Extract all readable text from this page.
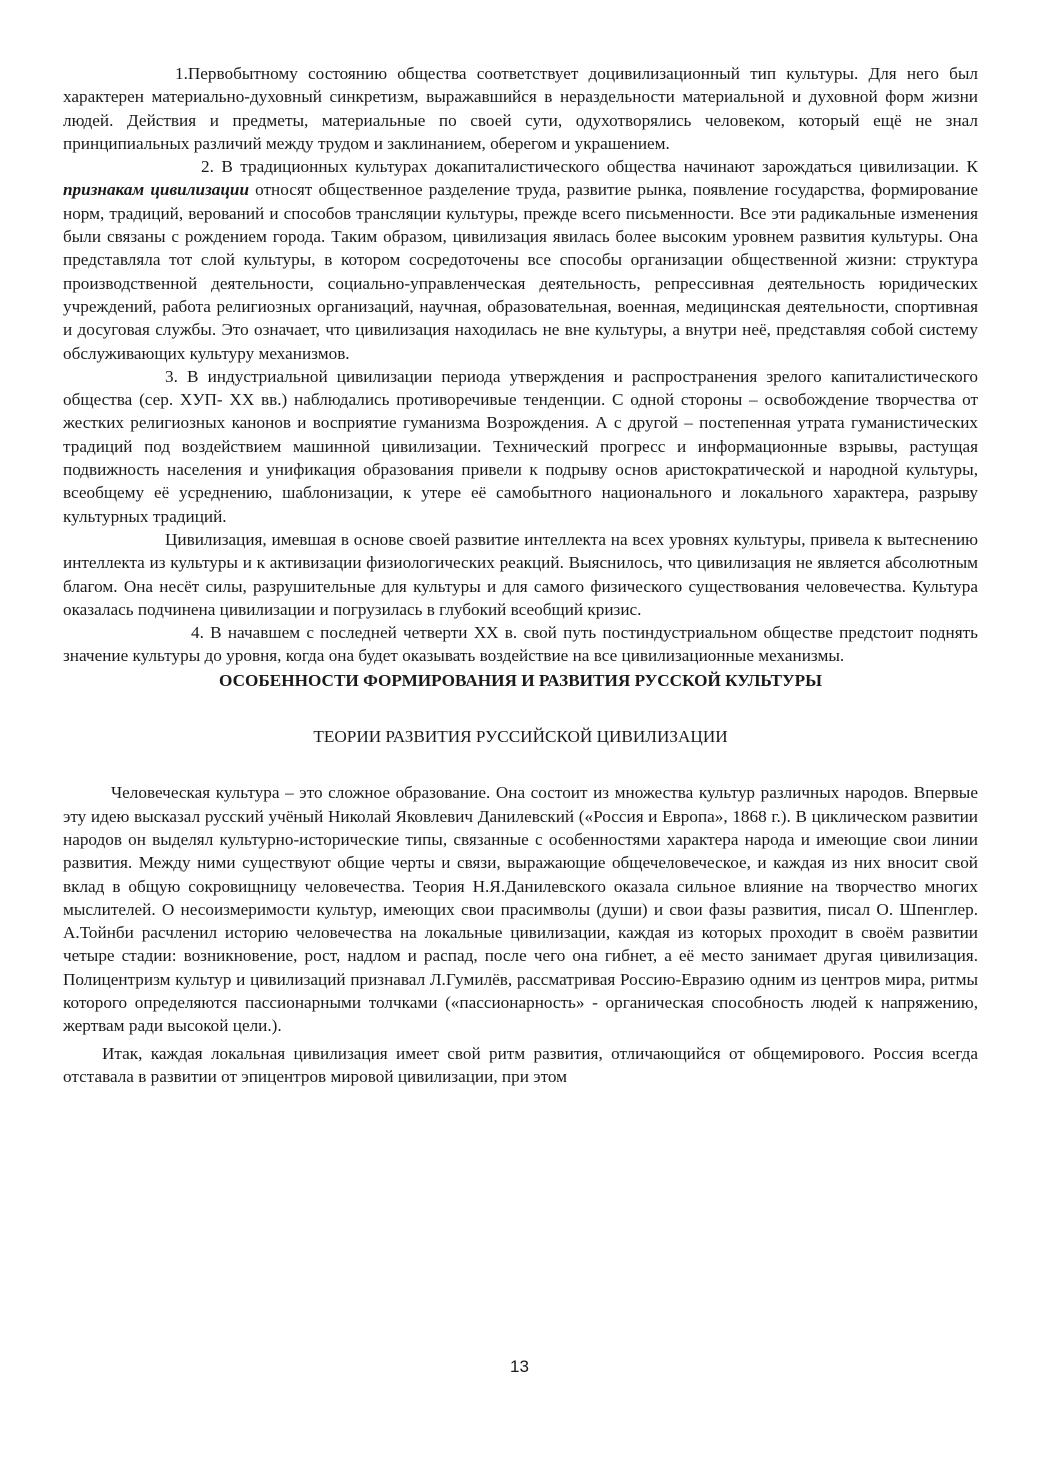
1.Первобытному состоянию общества соответствует доцивилизационный тип культуры. Для него был характерен материально-духовный синкретизм, выражавшийся в нераздельности материальной и духовной форм жизни людей. Действия и предметы, материальные по своей сути, одухотворялись человеком, который ещё не знал принципиальных различий между трудом и заклинанием, оберегом и украшением.

2. В традиционных культурах докапиталистического общества начинают зарождаться цивилизации. К признакам цивилизации относят общественное разделение труда, развитие рынка, появление государства, формирование норм, традиций, верований и способов трансляции культуры, прежде всего письменности. Все эти радикальные изменения были связаны с рождением города. Таким образом, цивилизация явилась более высоким уровнем развития культуры. Она представляла тот слой культуры, в котором сосредоточены все способы организации общественной жизни: структура производственной деятельности, социально-управленческая деятельность, репрессивная деятельность юридических учреждений, работа религиозных организаций, научная, образовательная, военная, медицинская деятельности, спортивная и досуговая службы. Это означает, что цивилизация находилась не вне культуры, а внутри неё, представляя собой систему обслуживающих культуру механизмов.

3. В индустриальной цивилизации периода утверждения и распространения зрелого капиталистического общества (сер. ХУП- ХХ вв.) наблюдались противоречивые тенденции. С одной стороны – освобождение творчества от жестких религиозных канонов и восприятие гуманизма Возрождения. А с другой – постепенная утрата гуманистических традиций под воздействием машинной цивилизации. Технический прогресс и информационные взрывы, растущая подвижность населения и унификация образования привели к подрыву основ аристократической и народной культуры, всеобщему её усреднению, шаблонизации, к утере её самобытного национального и локального характера, разрыву культурных традиций.

Цивилизация, имевшая в основе своей развитие интеллекта на всех уровнях культуры, привела к вытеснению интеллекта из культуры и к активизации физиологических реакций. Выяснилось, что цивилизация не является абсолютным благом. Она несёт силы, разрушительные для культуры и для самого физического существования человечества. Культура оказалась подчинена цивилизации и погрузилась в глубокий всеобщий кризис.

4. В начавшем с последней четверти ХХ в. свой путь постиндустриальном обществе предстоит поднять значение культуры до уровня, когда она будет оказывать воздействие на все цивилизационные механизмы.

ОСОБЕННОСТИ ФОРМИРОВАНИЯ И РАЗВИТИЯ РУССКОЙ КУЛЬТУРЫ

ТЕОРИИ РАЗВИТИЯ РУССИЙСКОЙ ЦИВИЛИЗАЦИИ

Человеческая культура – это сложное образование. Она состоит из множества культур различных народов. Впервые эту идею высказал русский учёный Николай Яковлевич Данилевский («Россия и Европа», 1868 г.). В циклическом развитии народов он выделял культурно-исторические типы, связанные с особенностями характера народа и имеющие свои линии развития. Между ними существуют общие черты и связи, выражающие общечеловеческое, и каждая из них вносит свой вклад в общую сокровищницу человечества. Теория Н.Я.Данилевского оказала сильное влияние на творчество многих мыслителей. О несоизмеримости культур, имеющих свои прасимволы (души) и свои фазы развития, писал О. Шпенглер. А.Тойнби расчленил историю человечества на локальные цивилизации, каждая из которых проходит в своём развитии четыре стадии: возникновение, рост, надлом и распад, после чего она гибнет, а её место занимает другая цивилизация. Полицентризм культур и цивилизаций признавал Л.Гумилёв, рассматривая Россию-Евразию одним из центров мира, ритмы которого определяются пассионарными толчками («пассионарность» - органическая способность людей к напряжению, жертвам ради высокой цели.).

Итак, каждая локальная цивилизация имеет свой ритм развития, отличающийся от общемирового. Россия всегда отставала в развитии от эпицентров мировой цивилизации, при этом

13
